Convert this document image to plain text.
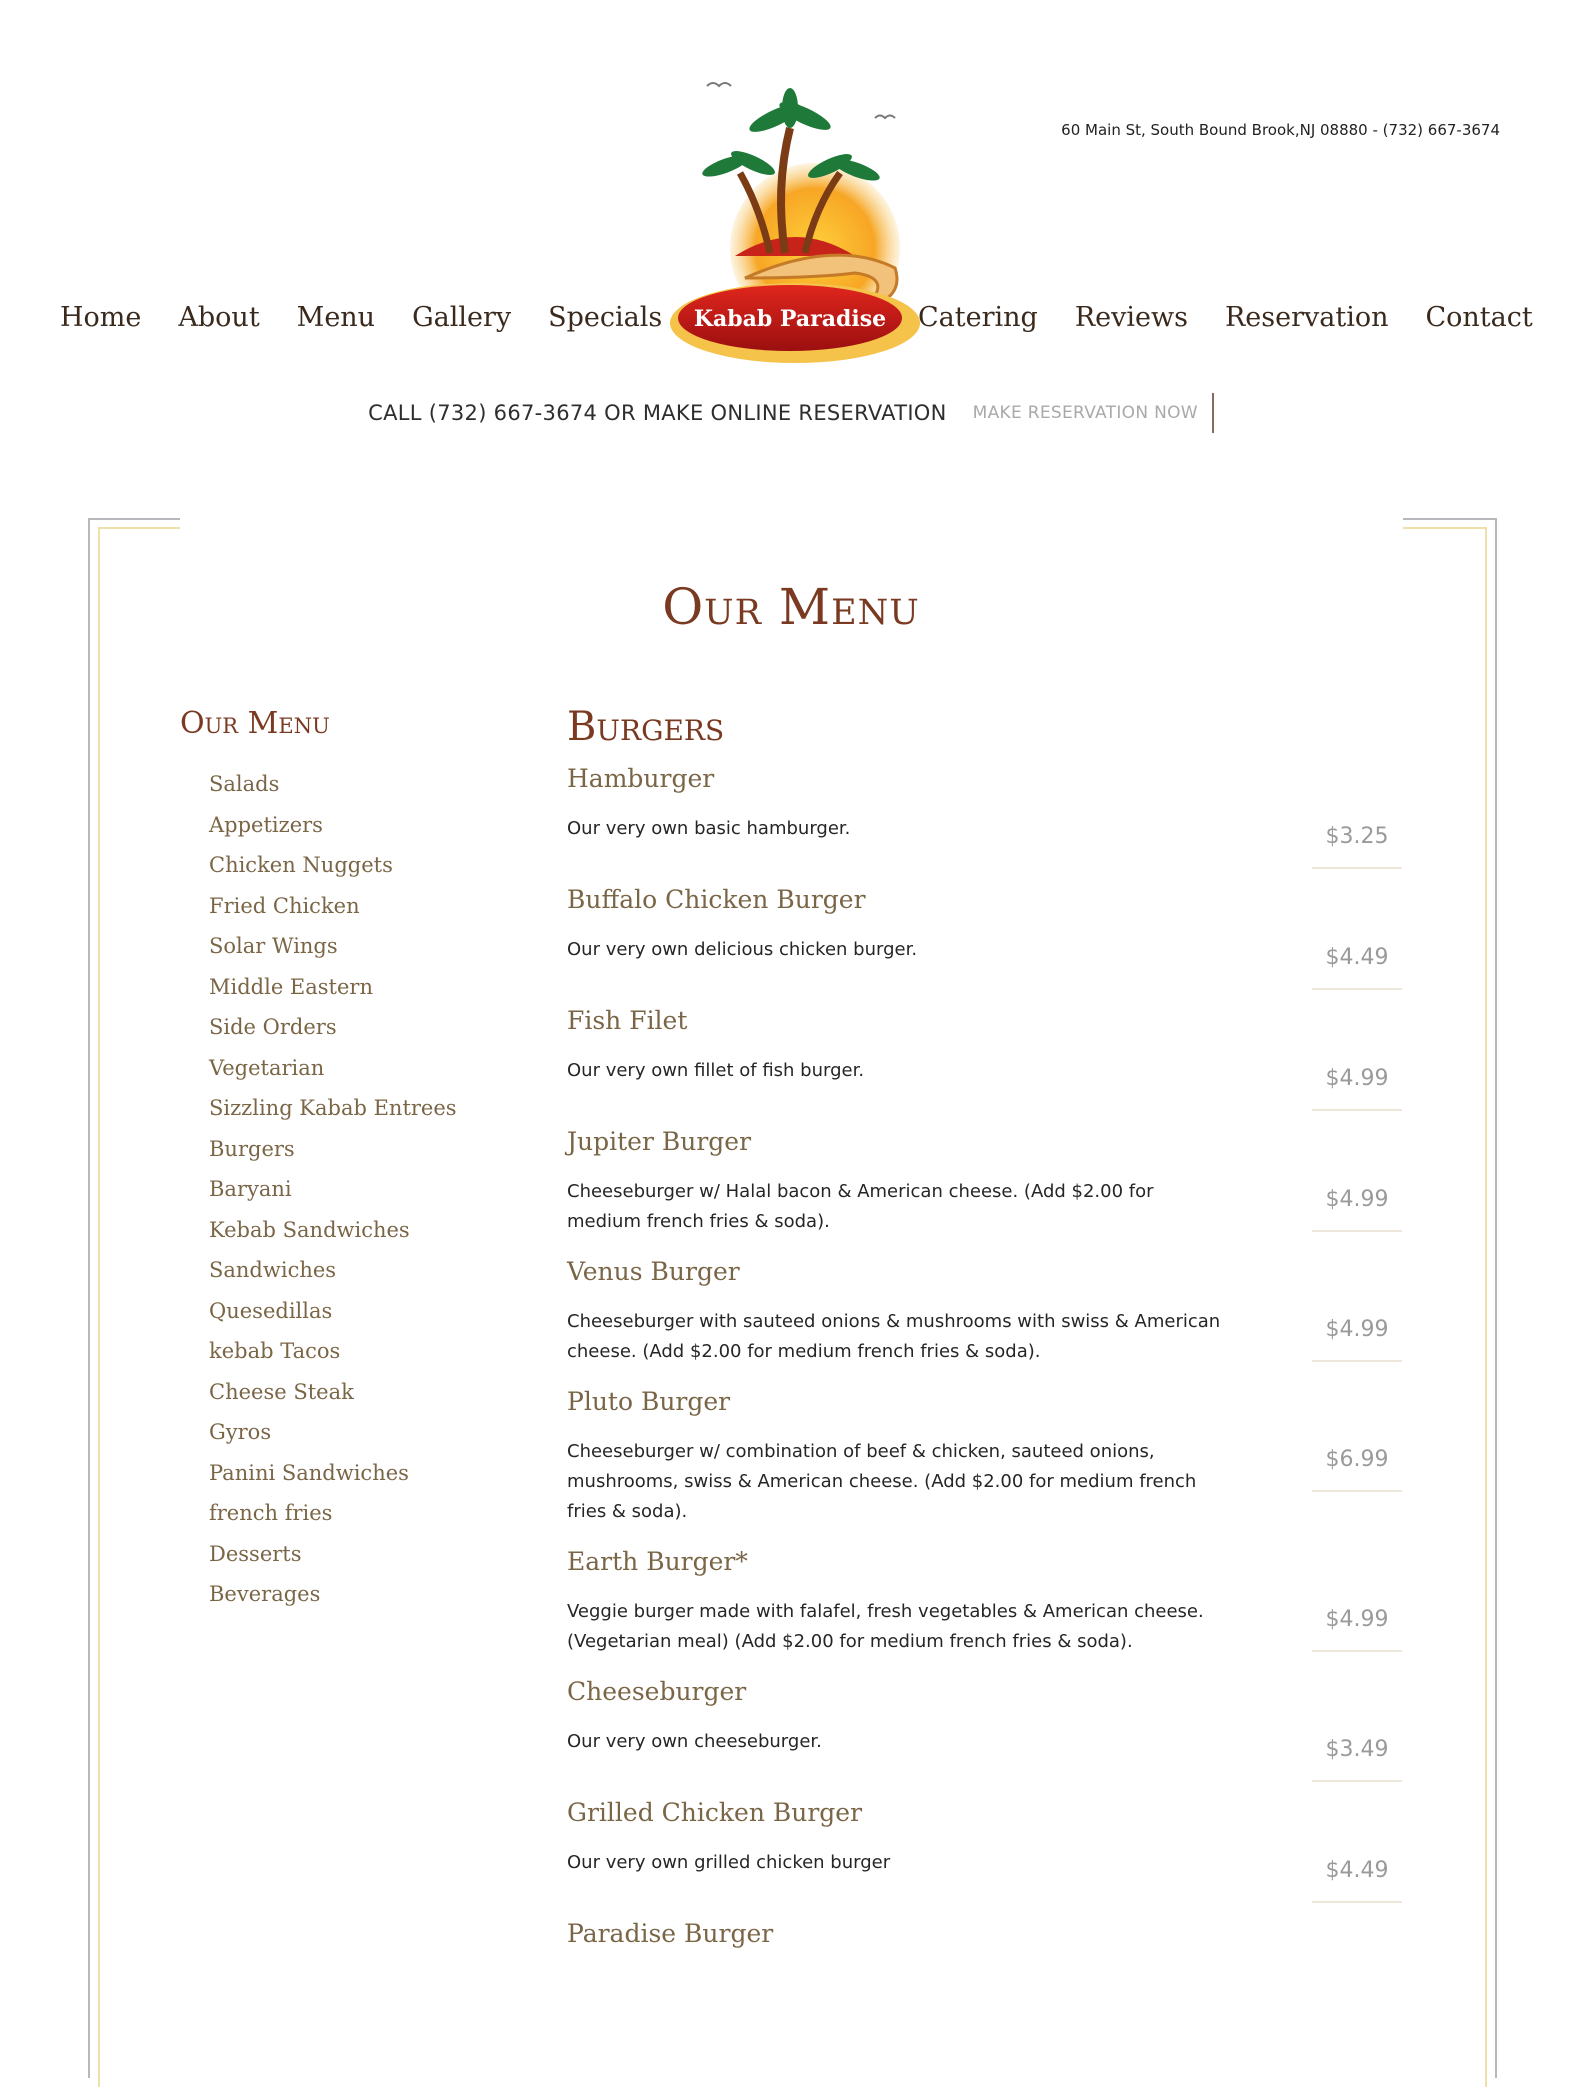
60 Main St, South Bound Brook,NJ 08880 - (732) 667-3674
Kabab Paradise
Home About Menu Gallery Specials	Catering Reviews Reservation Contact
CALL (732) 667-3674 OR MAKE ONLINE RESERVATION MAKE RESERVATION NOW
Our Menu
Our Menu
Salads
Appetizers
Chicken Nuggets
Fried Chicken
Solar Wings
Middle Eastern
Side Orders
Vegetarian
Sizzling Kabab Entrees
Burgers
Baryani
Kebab Sandwiches
Sandwiches
Quesedillas
kebab Tacos
Cheese Steak
Gyros
Panini Sandwiches
french fries
Desserts
Beverages
Burgers
Hamburger
Our very own basic hamburger.	$3.25
Buffalo Chicken Burger
Our very own delicious chicken burger.	$4.49
Fish Filet
Our very own fillet of fish burger.	$4.99
Jupiter Burger
Cheeseburger w/ Halal bacon & American cheese. (Add $2.00 for medium french fries & soda).
$4.99
Venus Burger
Cheeseburger with sauteed onions & mushrooms with swiss & American cheese. (Add $2.00 for medium french fries & soda).
$4.99
Pluto Burger
Cheeseburger w/ combination of beef & chicken, sauteed onions, mushrooms, swiss & American cheese. (Add $2.00 for medium french fries & soda).
$6.99
Earth Burger*
Veggie burger made with falafel, fresh vegetables & American cheese. (Vegetarian meal) (Add $2.00 for medium french fries & soda).
$4.99
Cheeseburger
Our very own cheeseburger.	$3.49
Grilled Chicken Burger
Our very own grilled chicken burger	$4.49
Paradise Burger
